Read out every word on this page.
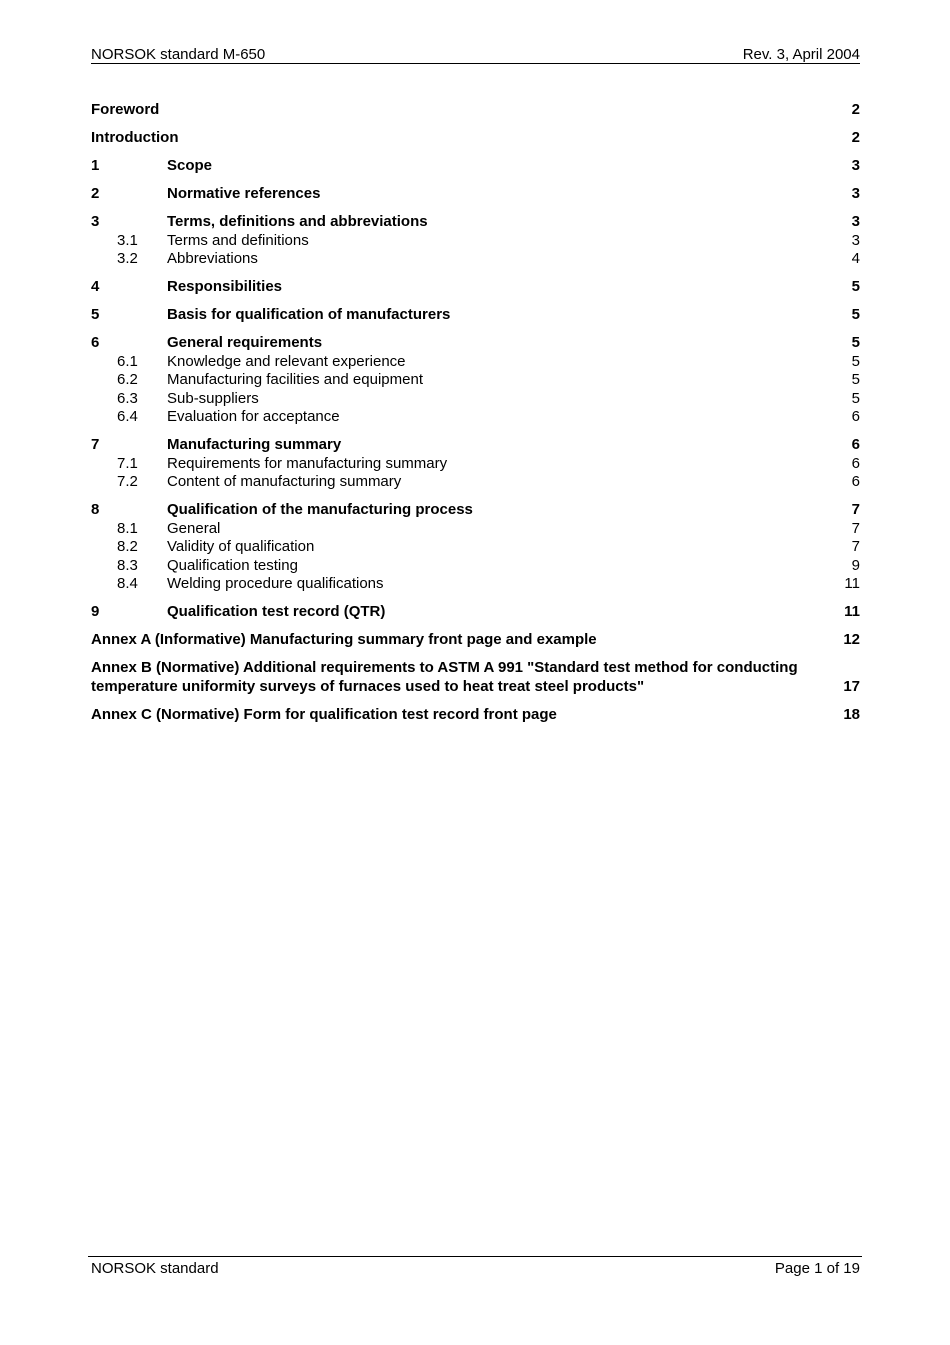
NORSOK standard M-650	Rev. 3, April 2004
Foreword	2
Introduction	2
1	Scope	3
2	Normative references	3
3	Terms, definitions and abbreviations	3
3.1 Terms and definitions	3
3.2 Abbreviations	4
4	Responsibilities	5
5	Basis for qualification of manufacturers	5
6	General requirements	5
6.1 Knowledge and relevant experience	5
6.2 Manufacturing facilities and equipment	5
6.3 Sub-suppliers	5
6.4 Evaluation for acceptance	6
7	Manufacturing summary	6
7.1 Requirements for manufacturing summary	6
7.2 Content of manufacturing summary	6
8	Qualification of the manufacturing process	7
8.1 General	7
8.2 Validity of qualification	7
8.3 Qualification testing	9
8.4 Welding procedure qualifications	11
9	Qualification test record (QTR)	11
Annex A (Informative) Manufacturing summary front page and example	12
Annex B (Normative) Additional requirements to ASTM A 991 "Standard test method for conducting
temperature uniformity surveys of furnaces used to heat treat steel products"	17
Annex C (Normative) Form for qualification test record front page	18
NORSOK standard	Page 1 of 19
